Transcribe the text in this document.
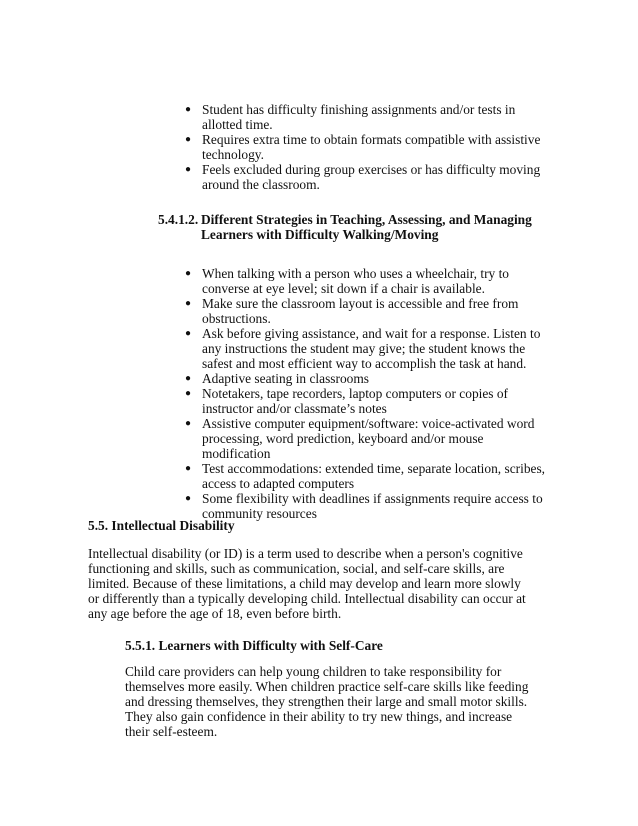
● Student has difficulty finishing assignments and/or tests in allotted time.
● Requires extra time to obtain formats compatible with assistive technology.
● Feels excluded during group exercises or has difficulty moving around the classroom.
5.4.1.2. Different Strategies in Teaching, Assessing, and Managing Learners with Difficulty Walking/Moving
● When talking with a person who uses a wheelchair, try to converse at eye level; sit down if a chair is available.
● Make sure the classroom layout is accessible and free from obstructions.
● Ask before giving assistance, and wait for a response. Listen to any instructions the student may give; the student knows the safest and most efficient way to accomplish the task at hand.
● Adaptive seating in classrooms
● Notetakers, tape recorders, laptop computers or copies of instructor and/or classmate’s notes
● Assistive computer equipment/software: voice-activated word processing, word prediction, keyboard and/or mouse modification
● Test accommodations: extended time, separate location, scribes, access to adapted computers
● Some flexibility with deadlines if assignments require access to community resources
5.5. Intellectual Disability

Intellectual disability (or ID) is a term used to describe when a person's cognitive functioning and skills, such as communication, social, and self-care skills, are limited. Because of these limitations, a child may develop and learn more slowly or differently than a typically developing child. Intellectual disability can occur at any age before the age of 18, even before birth.

5.5.1. Learners with Difficulty with Self-Care

Child care providers can help young children to take responsibility for themselves more easily. When children practice self-care skills like feeding and dressing themselves, they strengthen their large and small motor skills. They also gain confidence in their ability to try new things, and increase their self-esteem.
